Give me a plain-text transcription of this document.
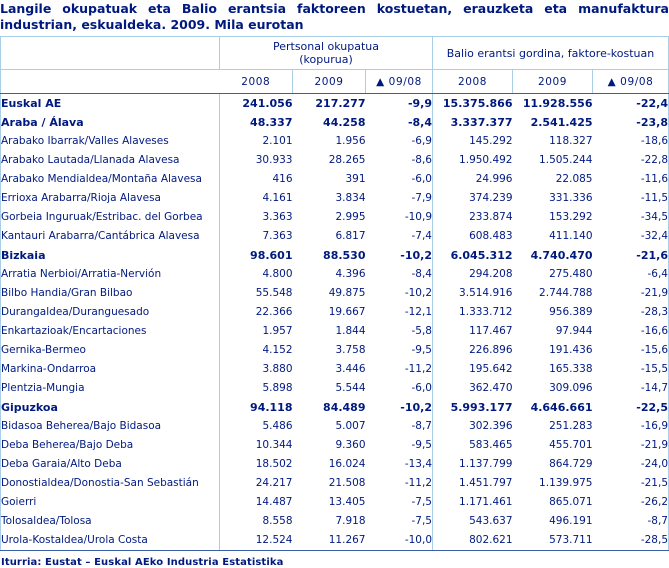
Langile okupatuak eta Balio erantsia faktoreen kostuetan, erauzketa eta manufaktura
industrian, eskualdeka. 2009. Mila eurotan
	Pertsonal okupatua
(kopurua)			Balio erantsi gordina, faktore-kostuan		
	2008	2009	▲ 09/08	2008	2009	▲ 09/08
Euskal AE	241.056	217.277	-9,9	15.375.866	11.928.556	-22,4
Araba / Álava	48.337	44.258	-8,4	3.337.377	2.541.425	-23,8
Arabako Ibarrak/Valles Alaveses	2.101	1.956	-6,9	145.292	118.327	-18,6
Arabako Lautada/Llanada Alavesa	30.933	28.265	-8,6	1.950.492	1.505.244	-22,8
Arabako Mendialdea/Montaña Alavesa	416	391	-6,0	24.996	22.085	-11,6
Errioxa Arabarra/Rioja Alavesa	4.161	3.834	-7,9	374.239	331.336	-11,5
Gorbeia Inguruak/Estribac. del Gorbea	3.363	2.995	-10,9	233.874	153.292	-34,5
Kantauri Arabarra/Cantábrica Alavesa	7.363	6.817	-7,4	608.483	411.140	-32,4
Bizkaia	98.601	88.530	-10,2	6.045.312	4.740.470	-21,6
Arratia Nerbioi/Arratia-Nervión	4.800	4.396	-8,4	294.208	275.480	-6,4
Bilbo Handia/Gran Bilbao	55.548	49.875	-10,2	3.514.916	2.744.788	-21,9
Durangaldea/Duranguesado	22.366	19.667	-12,1	1.333.712	956.389	-28,3
Enkartazioak/Encartaciones	1.957	1.844	-5,8	117.467	97.944	-16,6
Gernika-Bermeo	4.152	3.758	-9,5	226.896	191.436	-15,6
Markina-Ondarroa	3.880	3.446	-11,2	195.642	165.338	-15,5
Plentzia-Mungia	5.898	5.544	-6,0	362.470	309.096	-14,7
Gipuzkoa	94.118	84.489	-10,2	5.993.177	4.646.661	-22,5
Bidasoa Beherea/Bajo Bidasoa	5.486	5.007	-8,7	302.396	251.283	-16,9
Deba Beherea/Bajo Deba	10.344	9.360	-9,5	583.465	455.701	-21,9
Deba Garaia/Alto Deba	18.502	16.024	-13,4	1.137.799	864.729	-24,0
Donostialdea/Donostia-San Sebastián	24.217	21.508	-11,2	1.451.797	1.139.975	-21,5
Goierri	14.487	13.405	-7,5	1.171.461	865.071	-26,2
Tolosaldea/Tolosa	8.558	7.918	-7,5	543.637	496.191	-8,7
Urola-Kostaldea/Urola Costa	12.524	11.267	-10,0	802.621	573.711	-28,5
Iturria: Eustat – Euskal AEko Industria Estatistika
